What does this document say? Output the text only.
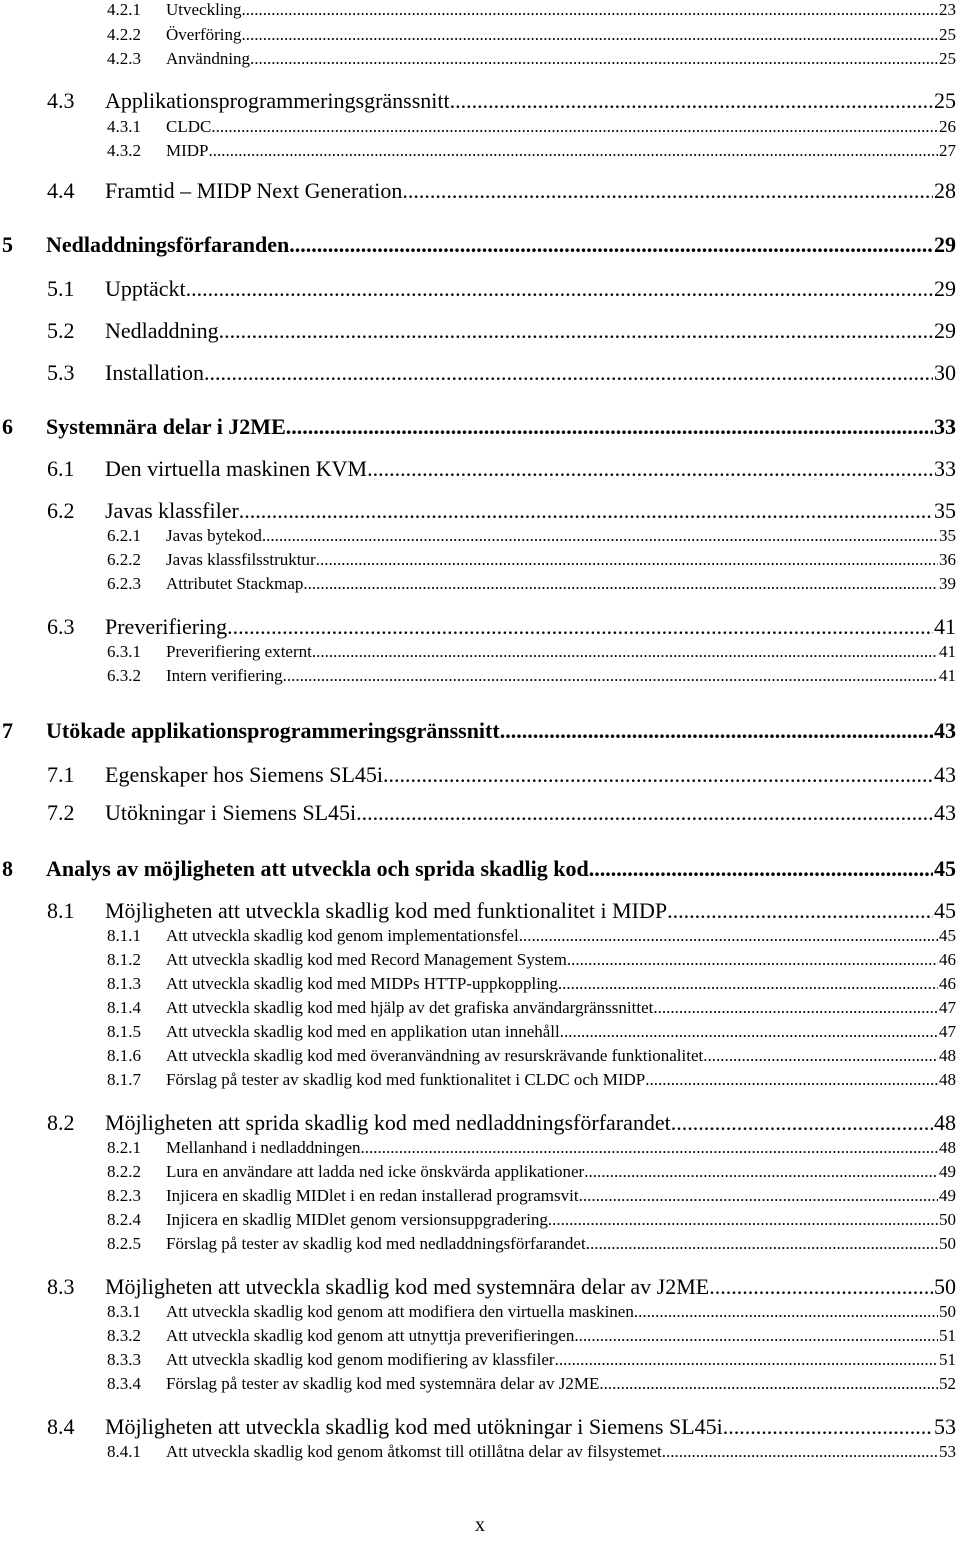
4.2.1	Utveckling .....	23
4.2.2	Överföring .....	25
4.2.3	Användning .....	25
4.3	Applikationsprogrammeringsgränssnitt .....	25
4.3.1	CLDC .....	26
4.3.2	MIDP .....	27
4.4	Framtid – MIDP Next Generation .....	28
5	Nedladdningsförfaranden .....	29
5.1	Upptäckt .....	29
5.2	Nedladdning .....	29
5.3	Installation .....	30
6	Systemnära delar i J2ME .....	33
6.1	Den virtuella maskinen KVM .....	33
6.2	Javas klassfiler .....	35
6.2.1	Javas bytekod .....	35
6.2.2	Javas klassfilsstruktur .....	36
6.2.3	Attributet Stackmap .....	39
6.3	Preverifiering .....	41
6.3.1	Preverifiering externt .....	41
6.3.2	Intern verifiering .....	41
7	Utökade applikationsprogrammeringsgränssnitt .....	43
7.1	Egenskaper hos Siemens SL45i .....	43
7.2	Utökningar i Siemens SL45i .....	43
8	Analys av möjligheten att utveckla och sprida skadlig kod .....	45
8.1	Möjligheten att utveckla skadlig kod med funktionalitet i MIDP .....	45
8.1.1	Att utveckla skadlig kod genom implementationsfel .....	45
8.1.2	Att utveckla skadlig kod med Record Management System .....	46
8.1.3	Att utveckla skadlig kod med MIDPs HTTP-uppkoppling .....	46
8.1.4	Att utveckla skadlig kod med hjälp av det grafiska användargränssnittet .....	47
8.1.5	Att utveckla skadlig kod med en applikation utan innehåll .....	47
8.1.6	Att utveckla skadlig kod med överanvändning av resurskrävande funktionalitet .....	48
8.1.7	Förslag på tester av skadlig kod med funktionalitet i CLDC och MIDP .....	48
8.2	Möjligheten att sprida skadlig kod med nedladdningsförfarandet .....	48
8.2.1	Mellanhand i nedladdningen .....	48
8.2.2	Lura en användare att ladda ned icke önskvärda applikationer .....	49
8.2.3	Injicera en skadlig MIDlet i en redan installerad programsvit .....	49
8.2.4	Injicera en skadlig MIDlet genom versionsuppgradering .....	50
8.2.5	Förslag på tester av skadlig kod med nedladdningsförfarandet .....	50
8.3	Möjligheten att utveckla skadlig kod med systemnära delar av J2ME .....	50
8.3.1	Att utveckla skadlig kod genom att modifiera den virtuella maskinen .....	50
8.3.2	Att utveckla skadlig kod genom att utnyttja preverifieringen .....	51
8.3.3	Att utveckla skadlig kod genom modifiering av klassfiler .....	51
8.3.4	Förslag på tester av skadlig kod med systemnära delar av J2ME .....	52
8.4	Möjligheten att utveckla skadlig kod med utökningar i Siemens SL45i .....	53
8.4.1	Att utveckla skadlig kod genom åtkomst till otillåtna delar av filsystemet .....	53
x
